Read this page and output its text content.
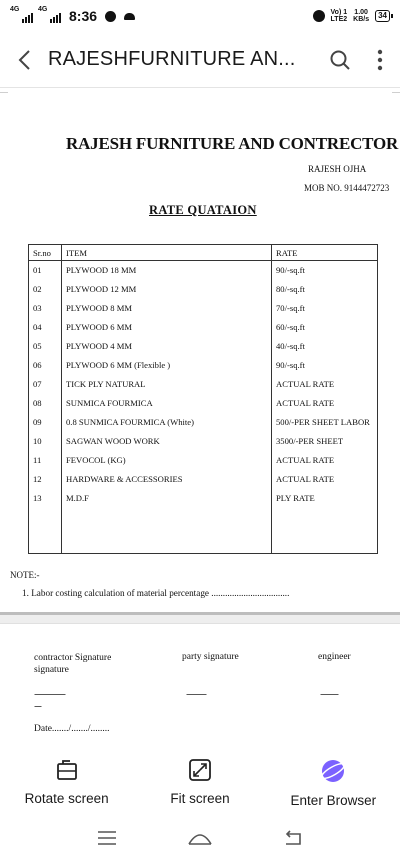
4G	4G 8:36	Vo) 1
LTE2
1.00
KB/s	34
RAJESHFURNITURE AN...
RAJESH FURNITURE AND CONTRECTOR
RAJESH OJHA
MOB NO. 9144472723
RATE QUATAION
Sr.no	ITEM	RATE
01	PLYWOOD 18 MM	90/-sq.ft
02	PLYWOOD 12 MM	80/-sq.ft
03	PLYWOOD 8 MM	70/-sq.ft
04	PLYWOOD 6 MM	60/-sq.ft
05	PLYWOOD 4 MM	40/-sq.ft
06	PLYWOOD 6 MM (Flexible )	90/-sq.ft
07	TICK PLY NATURAL	ACTUAL RATE
08	SUNMICA FOURMICA	ACTUAL RATE
09	0.8 SUNMICA FOURMICA (White)	500/-PER SHEET LABOR
10	SAGWAN WOOD WORK	3500/-PER SHEET
11	FEVOCOL (KG)	ACTUAL RATE
12	HARDWARE & ACCESSORIES	ACTUAL RATE
13	M.D.F	PLY RATE

NOTE:-
1. Labor costing calculation of material percentage ..................................
contractor Signature
signature
party signature	engineer
...............................
.......
....................	..................
Date......./......./........
Rotate screen	Fit screen	Enter Browser
